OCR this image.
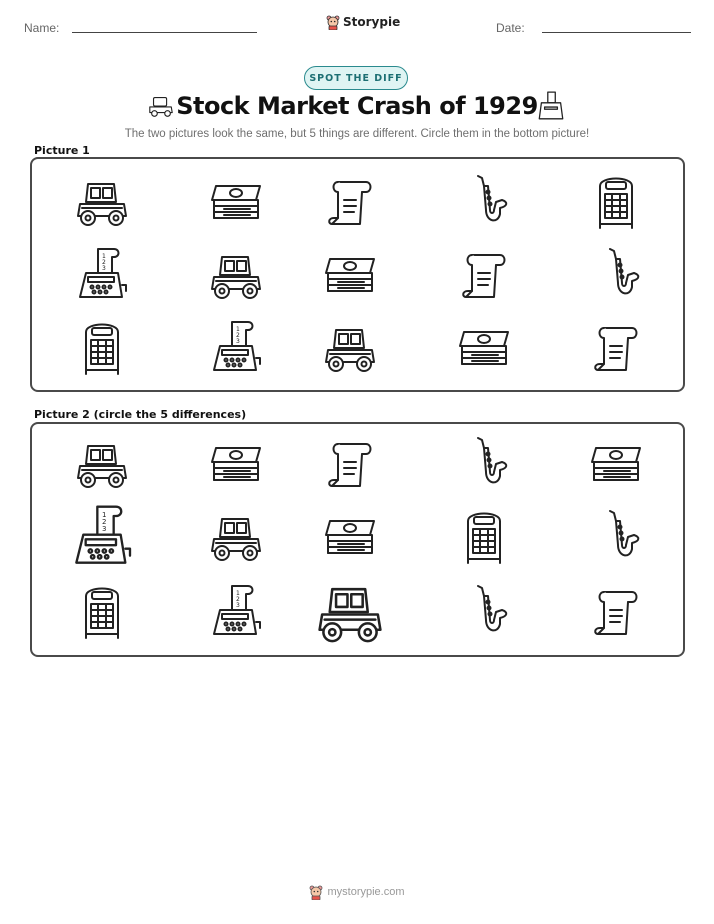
Name:	Storypie	Date:
SPOT THE DIFF
Stock Market Crash of 1929
The two pictures look the same, but 5 things are different. Circle them in the bottom picture!
Picture 1
Picture 2 (circle the 5 differences)
mystorypie.com
1
2
3
1
2
3
1
2
3
1
2
3
